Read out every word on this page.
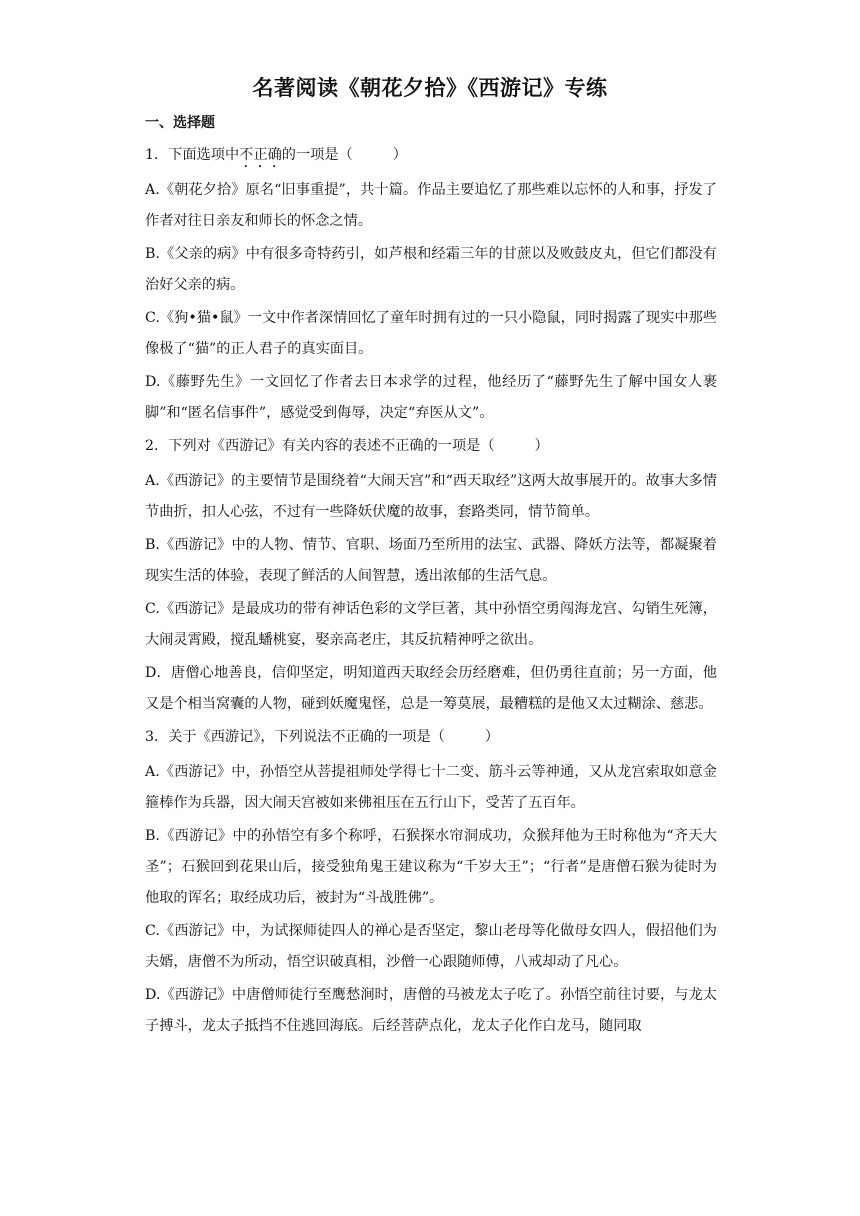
名著阅读《朝花夕拾》《西游记》专练
一、选择题

1．下面选项中不正确的一项是（	）

A.《朝花夕拾》原名“旧事重提”，共十篇。作品主要追忆了那些难以忘怀的人和事，抒发了作者对往日亲友和师长的怀念之情。

B.《父亲的病》中有很多奇特药引，如芦根和经霜三年的甘蔗以及败鼓皮丸，但它们都没有治好父亲的病。

C.《狗•猫•鼠》一文中作者深情回忆了童年时拥有过的一只小隐鼠，同时揭露了现实中那些像极了“猫”的正人君子的真实面目。

D.《藤野先生》一文回忆了作者去日本求学的过程，他经历了“藤野先生了解中国女人裹脚”和“匿名信事件”，感觉受到侮辱，决定“弃医从文”。

2．下列对《西游记》有关内容的表述不正确的一项是（	）

A.《西游记》的主要情节是围绕着“大闹天宫”和“西天取经”这两大故事展开的。故事大多情节曲折，扣人心弦，不过有一些降妖伏魔的故事，套路类同，情节简单。

B.《西游记》中的人物、情节、官职、场面乃至所用的法宝、武器、降妖方法等，都凝聚着现实生活的体验，表现了鲜活的人间智慧，透出浓郁的生活气息。

C.《西游记》是最成功的带有神话色彩的文学巨著，其中孙悟空勇闯海龙宫、勾销生死簿，大闹灵霄殿，搅乱蟠桃宴，娶亲高老庄，其反抗精神呼之欲出。

D．唐僧心地善良，信仰坚定，明知道西天取经会历经磨难，但仍勇往直前；另一方面，他又是个相当窝囊的人物，碰到妖魔鬼怪，总是一筹莫展，最糟糕的是他又太过糊涂、慈悲。

3．关于《西游记》，下列说法不正确的一项是（	）

A.《西游记》中，孙悟空从菩提祖师处学得七十二变、筋斗云等神通，又从龙宫索取如意金箍棒作为兵器，因大闹天宫被如来佛祖压在五行山下，受苦了五百年。

B.《西游记》中的孙悟空有多个称呼，石猴探水帘洞成功，众猴拜他为王时称他为“齐天大圣”；石猴回到花果山后，接受独角鬼王建议称为“千岁大王”；“行者”是唐僧石猴为徒时为他取的诨名；取经成功后，被封为“斗战胜佛”。

C.《西游记》中，为试探师徒四人的禅心是否坚定，黎山老母等化做母女四人，假招他们为夫婿，唐僧不为所动，悟空识破真相，沙僧一心跟随师傅，八戒却动了凡心。

D.《西游记》中唐僧师徒行至鹰愁涧时，唐僧的马被龙太子吃了。孙悟空前往讨要，与龙太子搏斗，龙太子抵挡不住逃回海底。后经菩萨点化，龙太子化作白龙马，随同取
